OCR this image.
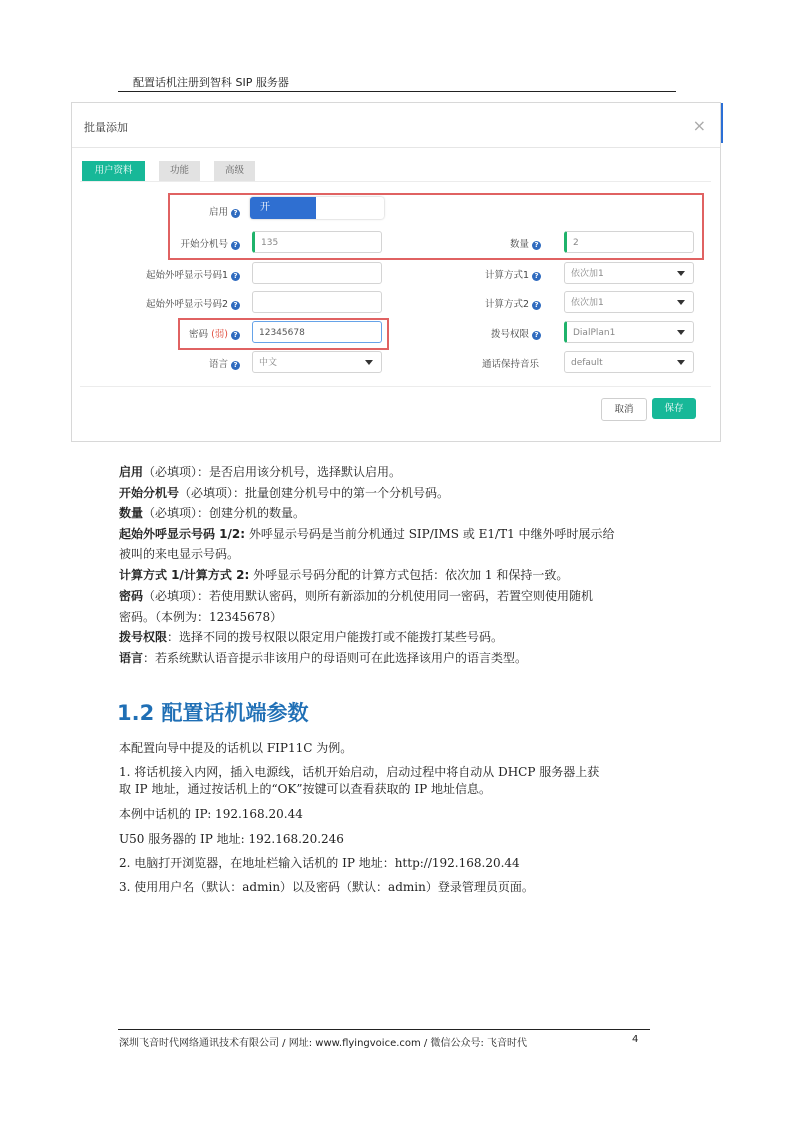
配置话机注册到智科 SIP 服务器
批量添加	×
用户资料	功能	高级
启用 ?	开
开始分机号 ?	135	数量 ?	2
起始外呼显示号码1 ?	计算方式1 ?	依次加1
起始外呼显示号码2 ?	计算方式2 ?	依次加1
密码 (弱) ?	12345678	拨号权限 ?	DialPlan1
语言 ?	中文	通话保持音乐	default
取消	保存
启用（必填项）：是否启用该分机号，选择默认启用。
开始分机号（必填项）：批量创建分机号中的第一个分机号码。
数量（必填项）：创建分机的数量。
起始外呼显示号码 1/2: 外呼显示号码是当前分机通过 SIP/IMS 或 E1/T1 中继外呼时展示给
被叫的来电显示号码。
计算方式 1/计算方式 2: 外呼显示号码分配的计算方式包括：依次加 1 和保持一致。
密码（必填项）：若使用默认密码，则所有新添加的分机使用同一密码，若置空则使用随机
密码。（本例为：12345678）
拨号权限：选择不同的拨号权限以限定用户能拨打或不能拨打某些号码。
语言：若系统默认语音提示非该用户的母语则可在此选择该用户的语言类型。
1.2 配置话机端参数
本配置向导中提及的话机以 FIP11C 为例。
1. 将话机接入内网，插入电源线，话机开始启动，启动过程中将自动从 DHCP 服务器上获
取 IP 地址，通过按话机上的“OK”按键可以查看获取的 IP 地址信息。
本例中话机的 IP: 192.168.20.44
U50 服务器的 IP 地址: 192.168.20.246
2. 电脑打开浏览器，在地址栏输入话机的 IP 地址：http://192.168.20.44
3. 使用用户名（默认：admin）以及密码（默认：admin）登录管理员页面。
深圳飞音时代网络通讯技术有限公司 / 网址: www.flyingvoice.com / 微信公众号: 飞音时代	4
